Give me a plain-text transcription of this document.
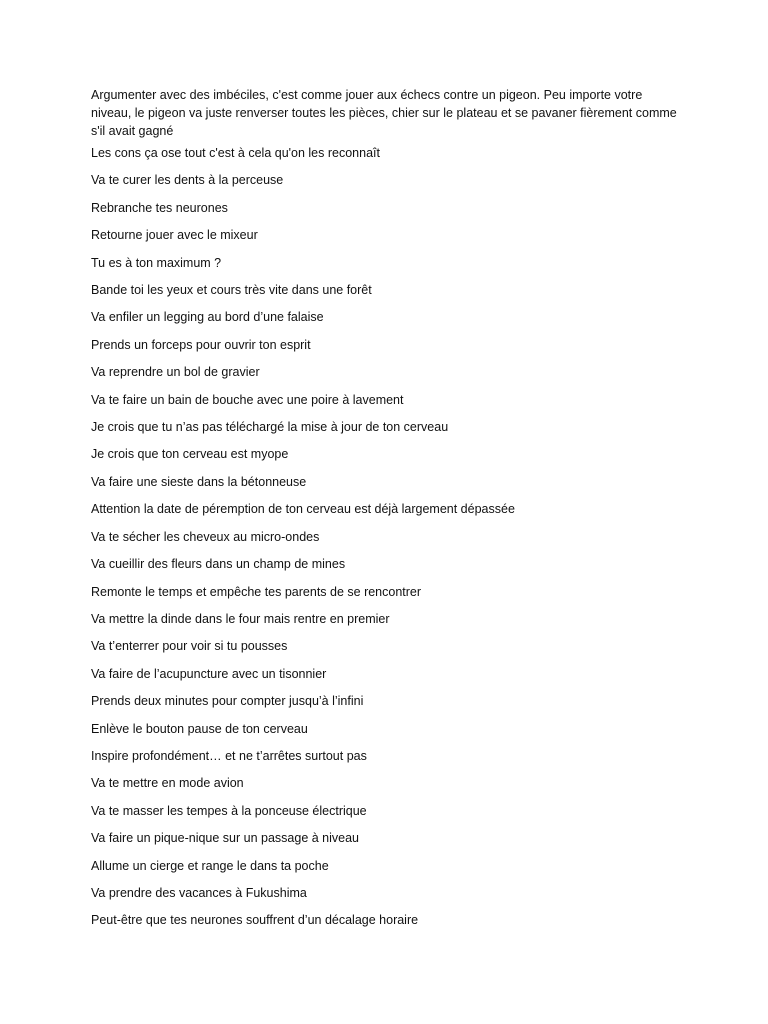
Argumenter avec des imbéciles, c'est comme jouer aux échecs contre un pigeon. Peu importe votre niveau, le pigeon va juste renverser toutes les pièces, chier sur le plateau et se pavaner fièrement comme s'il avait gagné

Les cons ça ose tout c'est à cela qu'on les reconnaît
Va te curer les dents à la perceuse
Rebranche tes neurones
Retourne jouer avec le mixeur
Tu es à ton maximum ?
Bande toi les yeux et cours très vite dans une forêt
Va enfiler un legging au bord d’une falaise
Prends un forceps pour ouvrir ton esprit
Va reprendre un bol de gravier
Va te faire un bain de bouche avec une poire à lavement
Je crois que tu n’as pas téléchargé la mise à jour de ton cerveau
Je crois que ton cerveau est myope
Va faire une sieste dans la bétonneuse
Attention la date de péremption de ton cerveau est déjà largement dépassée
Va te sécher les cheveux au micro-ondes
Va cueillir des fleurs dans un champ de mines
Remonte le temps et empêche tes parents de se rencontrer
Va mettre la dinde dans le four mais rentre en premier
Va t’enterrer pour voir si tu pousses
Va faire de l’acupuncture avec un tisonnier
Prends deux minutes pour compter jusqu’à l’infini
Enlève le bouton pause de ton cerveau
Inspire profondément… et ne t’arrêtes surtout pas
Va te mettre en mode avion
Va te masser les tempes à la ponceuse électrique
Va faire un pique-nique sur un passage à niveau
Allume un cierge et range le dans ta poche
Va prendre des vacances à Fukushima
Peut-être que tes neurones souffrent d’un décalage horaire
